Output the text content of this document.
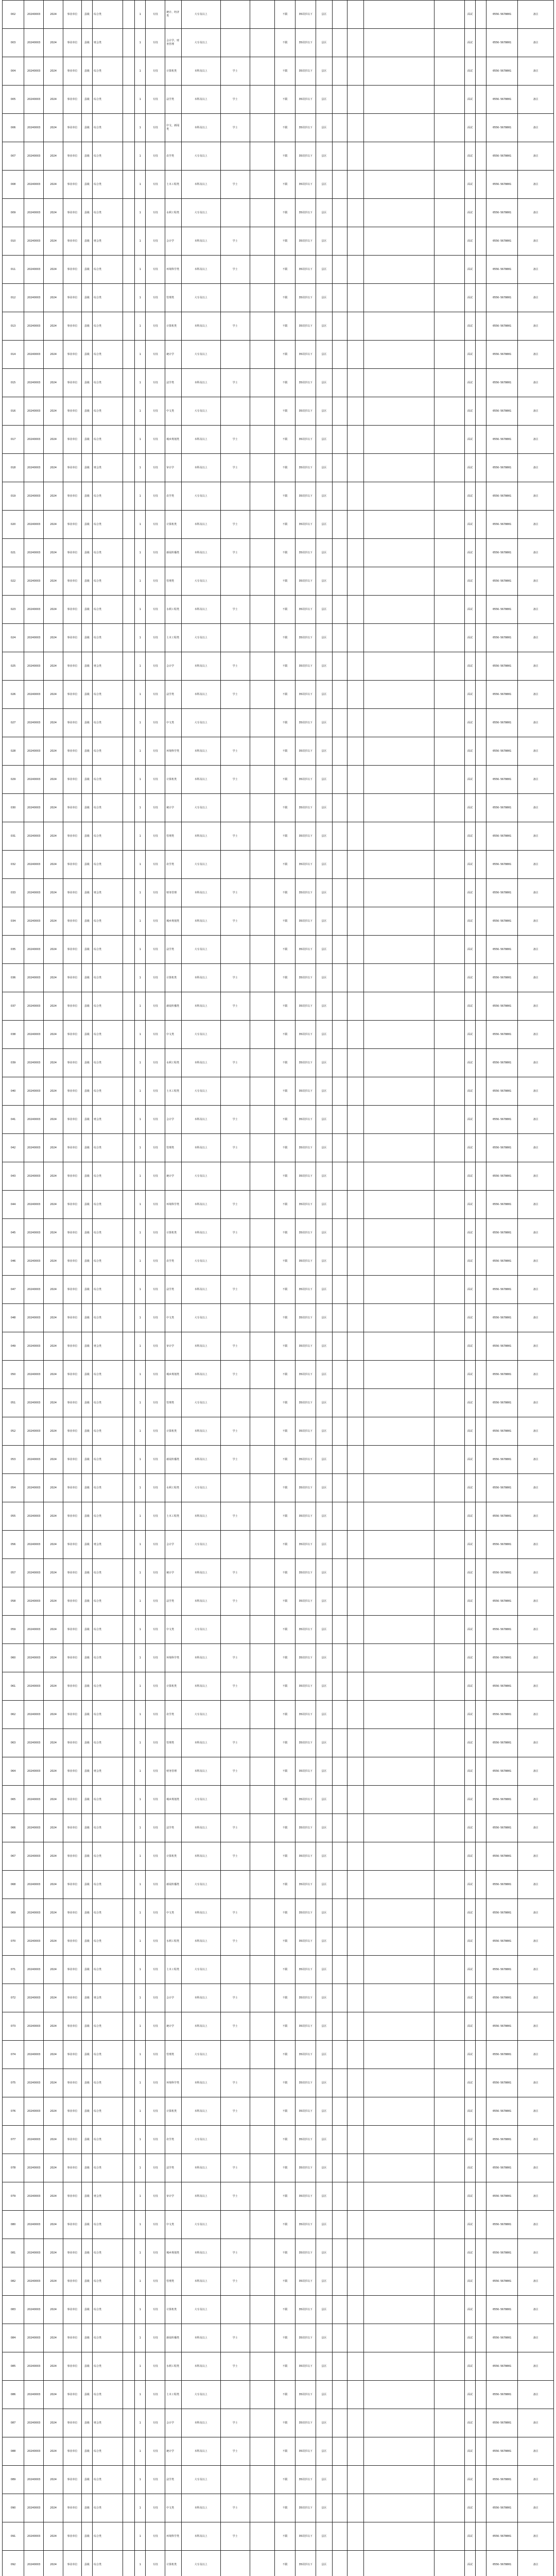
002	20240003	2024	事业单位	县级	综合类		1	专技	统计、经济类	大专及以上			不限	35周岁以下	县区					面试		0556-5678001	备注
003	20240003	2024	事业单位	县级	财会类		1	专技	会计学、财务管理	大专及以上			不限	35周岁以下	县区					面试		0556-5678001	备注
004	20240003	2024	事业单位	县级	综合类		1	专技	计算机类	本科及以上	学士		不限	35周岁以下	县区					面试		0556-5678001	备注
005	20240003	2024	事业单位	县级	综合类		1	专技	法学类	本科及以上	学士		不限	35周岁以下	县区					面试		0556-5678001	备注
006	20240003	2024	事业单位	县级	综合类		1	专技	中文、新闻类	本科及以上	学士		不限	35周岁以下	县区					面试		0556-5678001	备注
007	20240003	2024	事业单位	县级	综合类		1	专技	农学类	大专及以上			不限	35周岁以下	县区					面试		0556-5678001	备注
008	20240003	2024	事业单位	县级	综合类		1	专技	土木工程类	本科及以上	学士		不限	35周岁以下	县区					面试		0556-5678001	备注
009	20240003	2024	事业单位	县级	综合类		1	专技	水利工程类	大专及以上			不限	35周岁以下	县区					面试		0556-5678001	备注
010	20240003	2024	事业单位	县级	财会类		1	专技	会计学	本科及以上	学士		不限	35周岁以下	县区					面试		0556-5678001	备注
011	20240003	2024	事业单位	县级	综合类		1	专技	环境科学类	本科及以上	学士		不限	35周岁以下	县区					面试		0556-5678001	备注
012	20240003	2024	事业单位	县级	综合类		1	专技	管理类	大专及以上			不限	35周岁以下	县区					面试		0556-5678001	备注
013	20240003	2024	事业单位	县级	综合类		1	专技	计算机类	本科及以上	学士		不限	35周岁以下	县区					面试		0556-5678001	备注
014	20240003	2024	事业单位	县级	综合类		1	专技	统计学	大专及以上			不限	35周岁以下	县区					面试		0556-5678001	备注
015	20240003	2024	事业单位	县级	综合类		1	专技	法学类	本科及以上	学士		不限	35周岁以下	县区					面试		0556-5678001	备注
016	20240003	2024	事业单位	县级	综合类		1	专技	中文类	大专及以上			不限	35周岁以下	县区					面试		0556-5678001	备注
017	20240003	2024	事业单位	县级	综合类		1	专技	城乡规划类	本科及以上	学士		不限	35周岁以下	县区					面试		0556-5678001	备注
018	20240003	2024	事业单位	县级	财会类		1	专技	审计学	本科及以上	学士		不限	35周岁以下	县区					面试		0556-5678001	备注
019	20240003	2024	事业单位	县级	综合类		1	专技	农学类	大专及以上			不限	35周岁以下	县区					面试		0556-5678001	备注
020	20240003	2024	事业单位	县级	综合类		1	专技	计算机类	本科及以上	学士		不限	35周岁以下	县区					面试		0556-5678001	备注
021	20240003	2024	事业单位	县级	综合类		1	专技	新闻传播类	本科及以上	学士		不限	35周岁以下	县区					面试		0556-5678001	备注
022	20240003	2024	事业单位	县级	综合类		1	专技	管理类	大专及以上			不限	35周岁以下	县区					面试		0556-5678001	备注
023	20240003	2024	事业单位	县级	综合类		1	专技	水利工程类	本科及以上	学士		不限	35周岁以下	县区					面试		0556-5678001	备注
024	20240003	2024	事业单位	县级	综合类		1	专技	土木工程类	大专及以上			不限	35周岁以下	县区					面试		0556-5678001	备注
025	20240003	2024	事业单位	县级	财会类		1	专技	会计学	本科及以上	学士		不限	35周岁以下	县区					面试		0556-5678001	备注
026	20240003	2024	事业单位	县级	综合类		1	专技	法学类	本科及以上	学士		不限	35周岁以下	县区					面试		0556-5678001	备注
027	20240003	2024	事业单位	县级	综合类		1	专技	中文类	大专及以上			不限	35周岁以下	县区					面试		0556-5678001	备注
028	20240003	2024	事业单位	县级	综合类		1	专技	环境科学类	本科及以上	学士		不限	35周岁以下	县区					面试		0556-5678001	备注
029	20240003	2024	事业单位	县级	综合类		1	专技	计算机类	本科及以上	学士		不限	35周岁以下	县区					面试		0556-5678001	备注
030	20240003	2024	事业单位	县级	综合类		1	专技	统计学	大专及以上			不限	35周岁以下	县区					面试		0556-5678001	备注
031	20240003	2024	事业单位	县级	综合类		1	专技	管理类	本科及以上	学士		不限	35周岁以下	县区					面试		0556-5678001	备注
032	20240003	2024	事业单位	县级	综合类		1	专技	农学类	大专及以上			不限	35周岁以下	县区					面试		0556-5678001	备注
033	20240003	2024	事业单位	县级	财会类		1	专技	财务管理	本科及以上	学士		不限	35周岁以下	县区					面试		0556-5678001	备注
034	20240003	2024	事业单位	县级	综合类		1	专技	城乡规划类	本科及以上	学士		不限	35周岁以下	县区					面试		0556-5678001	备注
035	20240003	2024	事业单位	县级	综合类		1	专技	法学类	大专及以上			不限	35周岁以下	县区					面试		0556-5678001	备注
036	20240003	2024	事业单位	县级	综合类		1	专技	计算机类	本科及以上	学士		不限	35周岁以下	县区					面试		0556-5678001	备注
037	20240003	2024	事业单位	县级	综合类		1	专技	新闻传播类	本科及以上	学士		不限	35周岁以下	县区					面试		0556-5678001	备注
038	20240003	2024	事业单位	县级	综合类		1	专技	中文类	大专及以上			不限	35周岁以下	县区					面试		0556-5678001	备注
039	20240003	2024	事业单位	县级	综合类		1	专技	水利工程类	本科及以上	学士		不限	35周岁以下	县区					面试		0556-5678001	备注
040	20240003	2024	事业单位	县级	综合类		1	专技	土木工程类	大专及以上			不限	35周岁以下	县区					面试		0556-5678001	备注
041	20240003	2024	事业单位	县级	财会类		1	专技	会计学	本科及以上	学士		不限	35周岁以下	县区					面试		0556-5678001	备注
042	20240003	2024	事业单位	县级	综合类		1	专技	管理类	本科及以上	学士		不限	35周岁以下	县区					面试		0556-5678001	备注
043	20240003	2024	事业单位	县级	综合类		1	专技	统计学	大专及以上			不限	35周岁以下	县区					面试		0556-5678001	备注
044	20240003	2024	事业单位	县级	综合类		1	专技	环境科学类	本科及以上	学士		不限	35周岁以下	县区					面试		0556-5678001	备注
045	20240003	2024	事业单位	县级	综合类		1	专技	计算机类	本科及以上	学士		不限	35周岁以下	县区					面试		0556-5678001	备注
046	20240003	2024	事业单位	县级	综合类		1	专技	农学类	大专及以上			不限	35周岁以下	县区					面试		0556-5678001	备注
047	20240003	2024	事业单位	县级	综合类		1	专技	法学类	本科及以上	学士		不限	35周岁以下	县区					面试		0556-5678001	备注
048	20240003	2024	事业单位	县级	综合类		1	专技	中文类	大专及以上			不限	35周岁以下	县区					面试		0556-5678001	备注
049	20240003	2024	事业单位	县级	财会类		1	专技	审计学	本科及以上	学士		不限	35周岁以下	县区					面试		0556-5678001	备注
050	20240003	2024	事业单位	县级	综合类		1	专技	城乡规划类	本科及以上	学士		不限	35周岁以下	县区					面试		0556-5678001	备注
051	20240003	2024	事业单位	县级	综合类		1	专技	管理类	大专及以上			不限	35周岁以下	县区					面试		0556-5678001	备注
052	20240003	2024	事业单位	县级	综合类		1	专技	计算机类	本科及以上	学士		不限	35周岁以下	县区					面试		0556-5678001	备注
053	20240003	2024	事业单位	县级	综合类		1	专技	新闻传播类	本科及以上	学士		不限	35周岁以下	县区					面试		0556-5678001	备注
054	20240003	2024	事业单位	县级	综合类		1	专技	水利工程类	大专及以上			不限	35周岁以下	县区					面试		0556-5678001	备注
055	20240003	2024	事业单位	县级	综合类		1	专技	土木工程类	本科及以上	学士		不限	35周岁以下	县区					面试		0556-5678001	备注
056	20240003	2024	事业单位	县级	财会类		1	专技	会计学	大专及以上			不限	35周岁以下	县区					面试		0556-5678001	备注
057	20240003	2024	事业单位	县级	综合类		1	专技	统计学	本科及以上	学士		不限	35周岁以下	县区					面试		0556-5678001	备注
058	20240003	2024	事业单位	县级	综合类		1	专技	法学类	本科及以上	学士		不限	35周岁以下	县区					面试		0556-5678001	备注
059	20240003	2024	事业单位	县级	综合类		1	专技	中文类	大专及以上			不限	35周岁以下	县区					面试		0556-5678001	备注
060	20240003	2024	事业单位	县级	综合类		1	专技	环境科学类	本科及以上	学士		不限	35周岁以下	县区					面试		0556-5678001	备注
061	20240003	2024	事业单位	县级	综合类		1	专技	计算机类	本科及以上	学士		不限	35周岁以下	县区					面试		0556-5678001	备注
062	20240003	2024	事业单位	县级	综合类		1	专技	农学类	大专及以上			不限	35周岁以下	县区					面试		0556-5678001	备注
063	20240003	2024	事业单位	县级	综合类		1	专技	管理类	本科及以上	学士		不限	35周岁以下	县区					面试		0556-5678001	备注
064	20240003	2024	事业单位	县级	财会类		1	专技	财务管理	本科及以上	学士		不限	35周岁以下	县区					面试		0556-5678001	备注
065	20240003	2024	事业单位	县级	综合类		1	专技	城乡规划类	大专及以上			不限	35周岁以下	县区					面试		0556-5678001	备注
066	20240003	2024	事业单位	县级	综合类		1	专技	法学类	本科及以上	学士		不限	35周岁以下	县区					面试		0556-5678001	备注
067	20240003	2024	事业单位	县级	综合类		1	专技	计算机类	本科及以上	学士		不限	35周岁以下	县区					面试		0556-5678001	备注
068	20240003	2024	事业单位	县级	综合类		1	专技	新闻传播类	大专及以上			不限	35周岁以下	县区					面试		0556-5678001	备注
069	20240003	2024	事业单位	县级	综合类		1	专技	中文类	本科及以上	学士		不限	35周岁以下	县区					面试		0556-5678001	备注
070	20240003	2024	事业单位	县级	综合类		1	专技	水利工程类	本科及以上	学士		不限	35周岁以下	县区					面试		0556-5678001	备注
071	20240003	2024	事业单位	县级	综合类		1	专技	土木工程类	大专及以上			不限	35周岁以下	县区					面试		0556-5678001	备注
072	20240003	2024	事业单位	县级	财会类		1	专技	会计学	本科及以上	学士		不限	35周岁以下	县区					面试		0556-5678001	备注
073	20240003	2024	事业单位	县级	综合类		1	专技	统计学	本科及以上	学士		不限	35周岁以下	县区					面试		0556-5678001	备注
074	20240003	2024	事业单位	县级	综合类		1	专技	管理类	大专及以上			不限	35周岁以下	县区					面试		0556-5678001	备注
075	20240003	2024	事业单位	县级	综合类		1	专技	环境科学类	本科及以上	学士		不限	35周岁以下	县区					面试		0556-5678001	备注
076	20240003	2024	事业单位	县级	综合类		1	专技	计算机类	本科及以上	学士		不限	35周岁以下	县区					面试		0556-5678001	备注
077	20240003	2024	事业单位	县级	综合类		1	专技	农学类	大专及以上			不限	35周岁以下	县区					面试		0556-5678001	备注
078	20240003	2024	事业单位	县级	综合类		1	专技	法学类	本科及以上	学士		不限	35周岁以下	县区					面试		0556-5678001	备注
079	20240003	2024	事业单位	县级	财会类		1	专技	审计学	本科及以上	学士		不限	35周岁以下	县区					面试		0556-5678001	备注
080	20240003	2024	事业单位	县级	综合类		1	专技	中文类	大专及以上			不限	35周岁以下	县区					面试		0556-5678001	备注
081	20240003	2024	事业单位	县级	综合类		1	专技	城乡规划类	本科及以上	学士		不限	35周岁以下	县区					面试		0556-5678001	备注
082	20240003	2024	事业单位	县级	综合类		1	专技	管理类	本科及以上	学士		不限	35周岁以下	县区					面试		0556-5678001	备注
083	20240003	2024	事业单位	县级	综合类		1	专技	计算机类	大专及以上			不限	35周岁以下	县区					面试		0556-5678001	备注
084	20240003	2024	事业单位	县级	综合类		1	专技	新闻传播类	本科及以上	学士		不限	35周岁以下	县区					面试		0556-5678001	备注
085	20240003	2024	事业单位	县级	综合类		1	专技	水利工程类	本科及以上	学士		不限	35周岁以下	县区					面试		0556-5678001	备注
086	20240003	2024	事业单位	县级	综合类		1	专技	土木工程类	大专及以上			不限	35周岁以下	县区					面试		0556-5678001	备注
087	20240003	2024	事业单位	县级	财会类		1	专技	会计学	本科及以上	学士		不限	35周岁以下	县区					面试		0556-5678001	备注
088	20240003	2024	事业单位	县级	综合类		1	专技	统计学	本科及以上	学士		不限	35周岁以下	县区					面试		0556-5678001	备注
089	20240003	2024	事业单位	县级	综合类		1	专技	法学类	大专及以上			不限	35周岁以下	县区					面试		0556-5678001	备注
090	20240003	2024	事业单位	县级	综合类		1	专技	中文类	本科及以上	学士		不限	35周岁以下	县区					面试		0556-5678001	备注
091	20240003	2024	事业单位	县级	综合类		1	专技	环境科学类	本科及以上	学士		不限	35周岁以下	县区					面试		0556-5678001	备注
092	20240003	2024	事业单位	县级	综合类		1	专技	计算机类	大专及以上			不限	35周岁以下	县区					面试		0556-5678001	备注
